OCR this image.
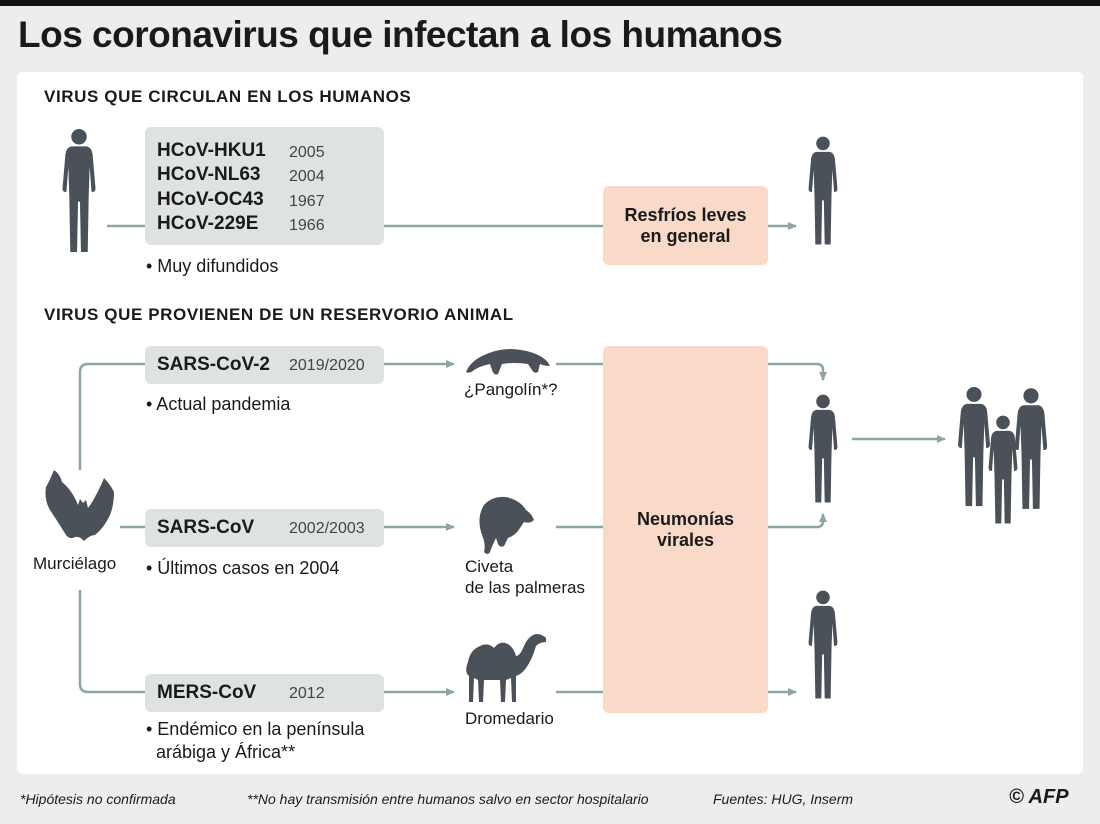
Los coronavirus que infectan a los humanos
VIRUS QUE CIRCULAN EN LOS HUMANOS
HCoV-HKU1 2005
HCoV-NL63 2004
HCoV-OC43 1967
HCoV-229E 1966
• Muy difundidos
Resfríos leves en general
VIRUS QUE PROVIENEN DE UN RESERVORIO ANIMAL
Murciélago
SARS-CoV-2 2019/2020
• Actual pandemia
SARS-CoV 2002/2003
• Últimos casos en 2004
MERS-CoV 2012
• Endémico en la península
arábiga y África**
¿Pangolín*?
Civeta
de las palmeras
Dromedario
Neumonías virales
*Hipótesis no confirmada	**No hay transmisión entre humanos salvo en sector hospitalario	Fuentes: HUG, Inserm	© AFP
